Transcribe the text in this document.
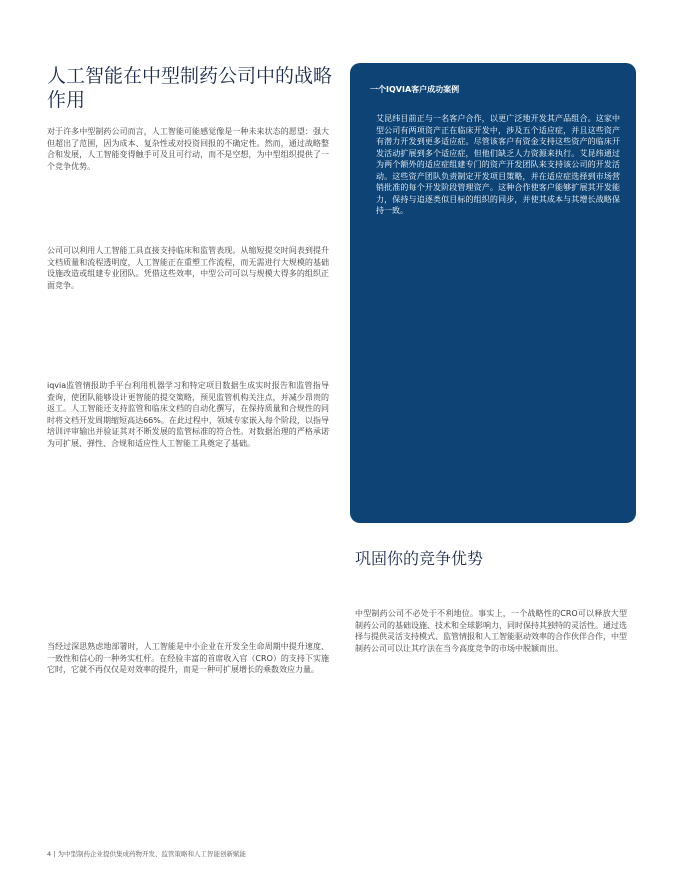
人工智能在中型制药公司中的战略作用

对于许多中型制药公司而言，人工智能可能感觉像是一种未来状态的愿望：强大但超出了范围，因为成本、复杂性或对投资回报的不确定性。然而，通过战略整合和发展，人工智能变得触手可及且可行动，而不是空想，为中型组织提供了一个竞争优势。

公司可以利用人工智能工具直接支持临床和监管表现。从缩短提交时间表到提升文档质量和流程透明度，人工智能正在重塑工作流程，而无需进行大规模的基础设施改造或组建专业团队。凭借这些效率，中型公司可以与规模大得多的组织正面竞争。

iqvia监管情报助手平台利用机器学习和特定项目数据生成实时报告和监管指导查询，使团队能够设计更智能的提交策略，预见监管机构关注点，并减少昂贵的返工。人工智能还支持监管和临床文档的自动化撰写，在保持质量和合规性的同时将文档开发周期缩短高达66%。在此过程中，领域专家嵌入每个阶段，以指导培训评审输出并验证其对不断发展的监管标准的符合性。对数据治理的严格承诺为可扩展、弹性、合规和适应性人工智能工具奠定了基础。

当经过深思熟虑地部署时，人工智能是中小企业在开发全生命周期中提升速度、一致性和信心的一种务实杠杆。在经验丰富的首席收入官（CRO）的支持下实施它时，它就不再仅仅是对效率的提升，而是一种可扩展增长的乘数效应力量。

一个IQVIA客户成功案例

艾昆纬目前正与一名客户合作，以更广泛地开发其产品组合。这家中型公司有两项资产正在临床开发中，涉及五个适应症，并且这些资产有潜力开发到更多适应症。尽管该客户有资金支持这些资产的临床开发活动扩展到多个适应症，但他们缺乏人力资源来执行。艾昆纬通过为两个额外的适应症组建专门的资产开发团队来支持该公司的开发活动。这些资产团队负责制定开发项目策略，并在适应症选择到市场营销批准的每个开发阶段管理资产。这种合作使客户能够扩展其开发能力，保持与追逐类似目标的组织的同步，并使其成本与其增长战略保持一致。

巩固你的竞争优势

中型制药公司不必处于不利地位。事实上，一个战略性的CRO可以释放大型制药公司的基础设施、技术和全球影响力，同时保持其独特的灵活性。通过选择与提供灵活支持模式、监管情报和人工智能驱动效率的合作伙伴合作，中型制药公司可以让其疗法在当今高度竞争的市场中脱颖而出。

4 | 为中型制药企业提供集成药物开发、监管策略和人工智能创新赋能
